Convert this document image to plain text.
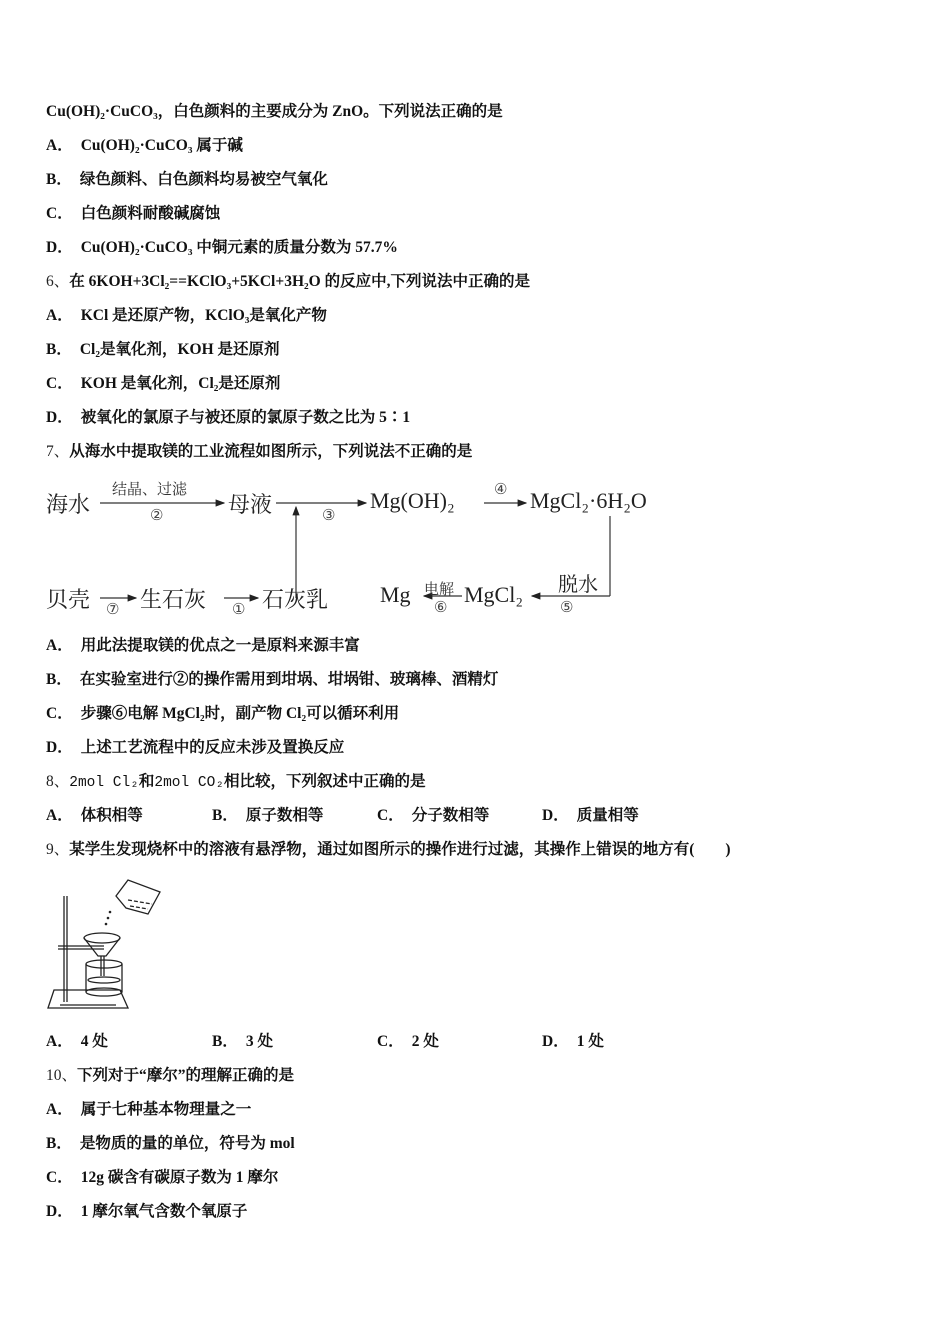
Cu(OH)₂·CuCO₃，白色颜料的主要成分为 ZnO。下列说法正确的是
A． Cu(OH)₂·CuCO₃ 属于碱
B． 绿色颜料、白色颜料均易被空气氧化
C． 白色颜料耐酸碱腐蚀
D． Cu(OH)₂·CuCO₃ 中铜元素的质量分数为 57.7%
6、在 6KOH+3Cl₂==KClO₃+5KCl+3H₂O 的反应中,下列说法中正确的是
A． KCl 是还原产物，KClO₃是氧化产物
B． Cl₂是氧化剂，KOH 是还原剂
C． KOH 是氧化剂，Cl₂是还原剂
D． 被氧化的氯原子与被还原的氯原子数之比为 5∶1
7、从海水中提取镁的工业流程如图所示，下列说法不正确的是
海水
结晶、过滤
②	母液	③
Mg(OH)₂	④ MgCl₂·6H₂O
贝壳 ⑦ 生石灰 ① 石灰乳 Mg 电解
⑥
MgCl₂ 脱水
⑤
A． 用此法提取镁的优点之一是原料来源丰富
B． 在实验室进行②的操作需用到坩埚、坩埚钳、玻璃棒、酒精灯
C． 步骤⑥电解 MgCl₂时，副产物 Cl₂可以循环利用
D． 上述工艺流程中的反应未涉及置换反应
8、2mol Cl₂和2mol CO₂相比较，下列叙述中正确的是
A． 体积相等	B． 原子数相等	C． 分子数相等	D． 质量相等
9、某学生发现烧杯中的溶液有悬浮物，通过如图所示的操作进行过滤，其操作上错误的地方有(　　)
A． 4 处	B． 3 处	C． 2 处	D． 1 处
10、下列对于“摩尔”的理解正确的是
A． 属于七种基本物理量之一
B． 是物质的量的单位，符号为 mol
C． 12g 碳含有碳原子数为 1 摩尔
D． 1 摩尔氧气含数个氧原子
